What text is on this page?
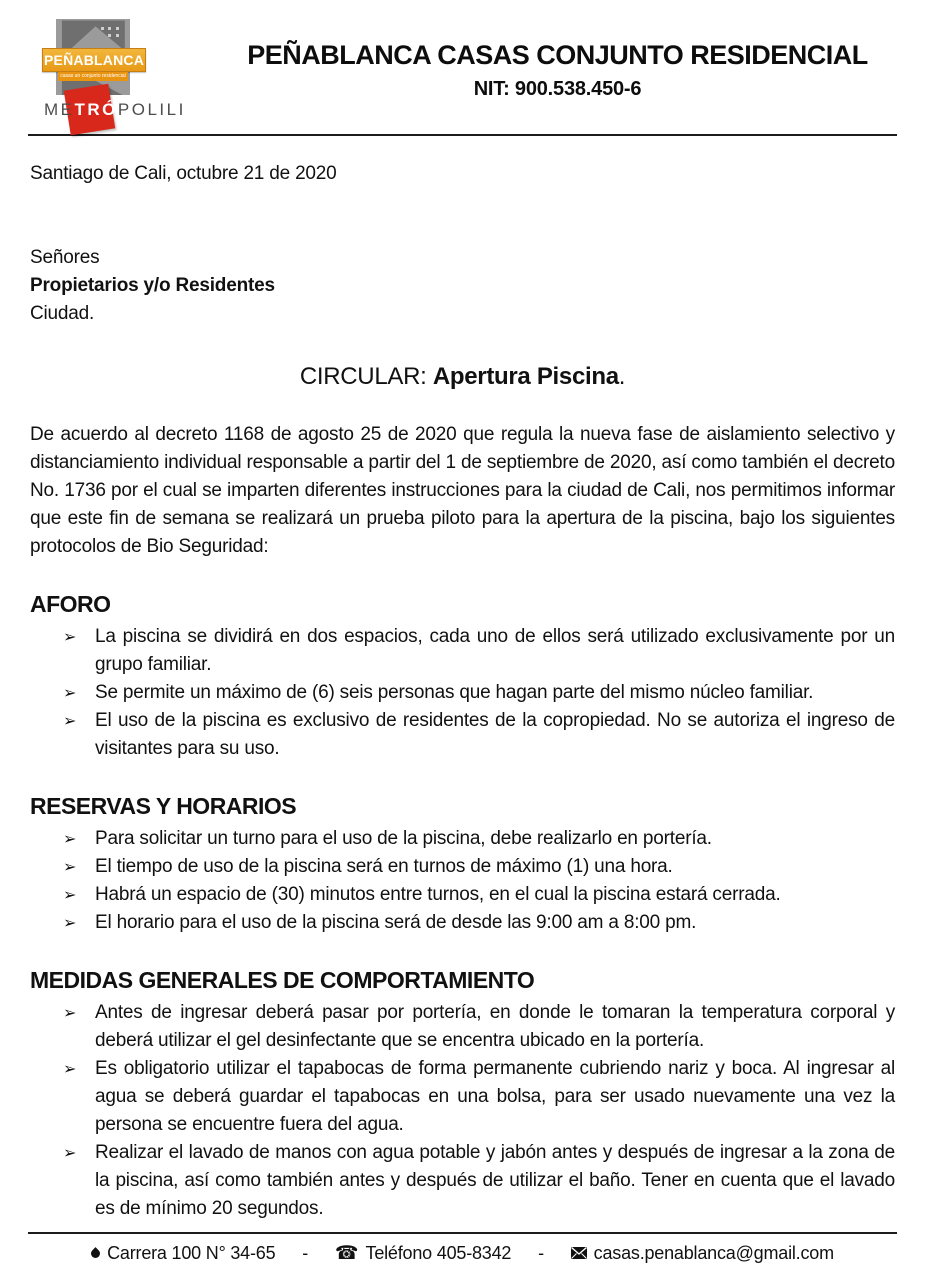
PEÑABLANCA
casas un conjunto residencial
METRÓPOLILI
PEÑABLANCA CASAS CONJUNTO RESIDENCIAL
NIT: 900.538.450-6

Santiago de Cali, octubre 21 de 2020

Señores
Propietarios y/o Residentes
Ciudad.
CIRCULAR: Apertura Piscina.

De acuerdo al decreto 1168 de agosto 25 de 2020 que regula la nueva fase de aislamiento selectivo y distanciamiento individual responsable a partir del 1 de septiembre de 2020, así como también el decreto No. 1736 por el cual se imparten diferentes instrucciones para la ciudad de Cali, nos permitimos informar que este fin de semana se realizará un prueba piloto para la apertura de la piscina, bajo los siguientes protocolos de Bio Seguridad:

AFORO
➢ La piscina se dividirá en dos espacios, cada uno de ellos será utilizado exclusivamente por un grupo familiar.
➢ Se permite un máximo de (6) seis personas que hagan parte del mismo núcleo familiar.
➢ El uso de la piscina es exclusivo de residentes de la copropiedad. No se autoriza el ingreso de visitantes para su uso.
RESERVAS Y HORARIOS
➢ Para solicitar un turno para el uso de la piscina, debe realizarlo en portería.
➢ El tiempo de uso de la piscina será en turnos de máximo (1) una hora.
➢ Habrá un espacio de (30) minutos entre turnos, en el cual la piscina estará cerrada.
➢ El horario para el uso de la piscina será de desde las 9:00 am a 8:00 pm.
MEDIDAS GENERALES DE COMPORTAMIENTO
➢ Antes de ingresar deberá pasar por portería, en donde le tomaran la temperatura corporal y deberá utilizar el gel desinfectante que se encentra ubicado en la portería.
➢ Es obligatorio utilizar el tapabocas de forma permanente cubriendo nariz y boca. Al ingresar al agua se deberá guardar el tapabocas en una bolsa, para ser usado nuevamente una vez la persona se encuentre fuera del agua.
➢ Realizar el lavado de manos con agua potable y jabón antes y después de ingresar a la zona de la piscina, así como también antes y después de utilizar el baño. Tener en cuenta que el lavado es de mínimo 20 segundos.
Carrera 100 N° 34-65 - ☎ Teléfono 405-8342 -	casas.penablanca@gmail.com
